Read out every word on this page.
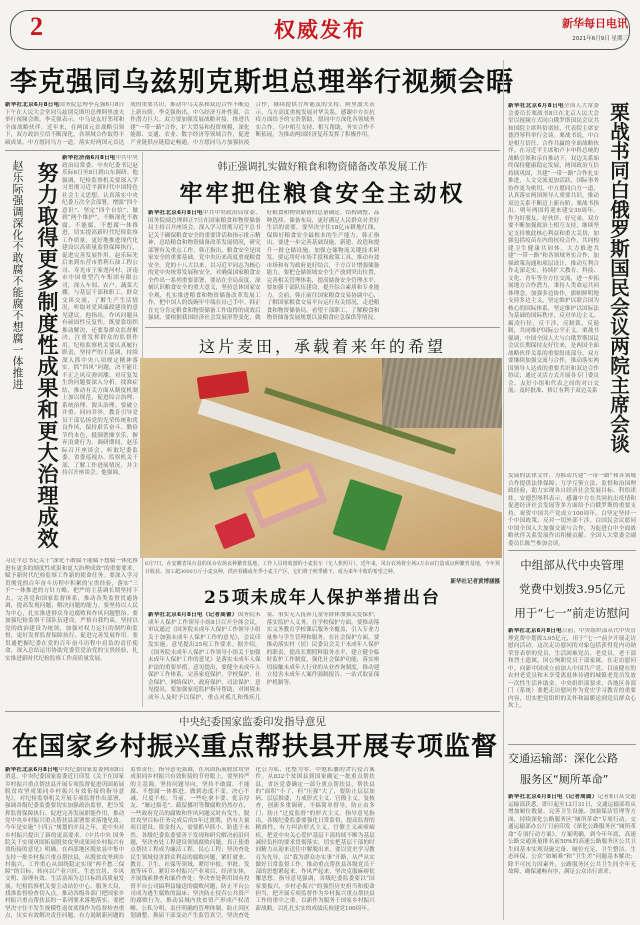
2	权威发布	新华每日电讯
2021年6月9日 星期三
李克强同乌兹别克斯坦总理举行视频会晤
新华社北京6月8日电国务院总理李克强6月8日下午在人民大会堂同乌兹别克斯坦总理阿里波夫举行视频会晤。李克强表示，中乌是友好邻邦和全面战略伙伴。近年来，在两国元首战略引领下，双方政治互信不断深化，各领域合作取得丰硕成果。中方愿同乌方一道，落实好两国元首达成的重要共识，推动中乌关系和双边合作不断迈上新台阶。李克强指出，中乌经济互补性强，合作潜力巨大。双方要加强发展战略对接，推进共建“一带一路”合作，扩大贸易和投资规模，深化能源、交通、农业、数字经济等领域合作，促进产业链供应链稳定畅通。中方愿同乌方加强抗疫合作，继续提供力所能及的支持。阿里波夫表示，乌方高度重视发展对华关系，感谢中方在抗疫方面给予的宝贵帮助，愿同中方深化各领域务实合作。乌中相互支持、相互帮助，务实合作不断拓展，为推动两国经济复苏发挥了积极作用。
赵乐际强调深化不敢腐不能腐不想腐一体推进 努力取得更多制度性成果和更大治理成效
新华社济南6月8日电中共中央政治局常委、中央纪委书记赵乐际6日至8日到山东调研。他强调，纪检监察机关要深入学习贯彻习近平新时代中国特色社会主义思想，认真落实中央纪委五次全会部署，增强“四个意识”、坚定“四个自信”、做到“两个维护”，不断深化不敢腐、不能腐、不想腐一体推进，切实提高新时代纪检监察工作质量，更好地推进现代化建设以高质量监督保障执行，促进完善发展作用。赵乐际先后来到东营市胜利石油工程公司、寿光市王家尧河村、济南市中国重型汽车集团有限公司，深入车间、农户、蔬菜大棚，与基层干部和职工、群众交谈交流，了解生产生活情况，听取对党风廉政建设的意见建议。他指出，作风问题具有顽固性反复性，既要靠组织推动解决，还要靠群众监督解决，注重发挥群众的监督作用。纪检监察机关要认真履行职责，坚持严的主基调，持续深入抓中央八项规定精神落实，抓“四风”问题，决不能让不正之风反弹回潮。对反复发生的问题要深入分析，找准症结，推动有关方面从制度机制上加以规范，促进综合治理、系统治理、源头治理。要破立并重、同向并举，教育引导党员干部弘扬党的光荣传统和优良作风，保持艰苦奋斗、勤俭节约本色，抵制奢靡享乐，摒弃浪费行为。调研期间，赵乐际召开座谈会，听取纪委监委、省委巡视办、监察机关干部，了解工作进展情况，并主持召开座谈会。他强调，
习近平总书记关于“深化不敢腐不能腐不想腐一体化推进有更多的制度性成果和更大治理成效”的重要要求，赋予新时代纪检监察工作新的使命任务。要深入学习贯彻党的百年奋斗历程中积累的宝贵经验，落实“三不”一体推进的方针方略，把严的主基调长期坚持下去，完善党和国家监督体系，推动各类监督贯通协调，提高发现问题、解决问题的能力。要坚持以人民为中心，扎实推进群众身边腐败和作风问题整治。要加强纪检监察干部队伍建设，严格自我约束，坚持以党的政治建设为统领，加强对权力运行的制约和监督，更好发挥监督保障执行、促进完善发展作用。要贯通把握纪委在党的百年奋斗历程中肩负的责任使命，深入总结运用协助党委管党治党的宝贵经验，扎实推进新时代纪检监察工作高质量发展。
韩正强调扎实做好粮食和物资储备改革发展工作
牢牢把住粮食安全主动权
新华社北京6月8日电中共中央政治局常委、国务院副总理韩正7日在国家粮食和物资储备局主持召开座谈会，深入学习贯彻习近平总书记关于确保粮食安全的重要讲话和指示批示精神，总结粮食和物资储备改革发展情况，研究部署有关重点工作。韩正指出，粮食安全是国家安全的重要基础。党中央历来高度重视粮食安全。党的十八大以来，以习近平同志为核心的党中央统筹发展和安全，对确保国家粮食安全作出一系列重要部署，要站在全局高度，深刻认识粮食安全的重大意义，坚持总体国家安全观，扎实推进粮食和物资储备改革发展工作，把中国人的饭碗牢牢端在自己手中。韩正在充分肯定粮食和物资储备工作取得的成效后强调，要根据我国经济社会发展形势变化，做好粮食和物资储备的总量确定、结构调整、品种选择、储备布局，更好满足人民群众对美好生活的需要。要坚决守住18亿亩耕地红线，保障好粮食安全最根本的生产能力。韩正指出，要进一步完善基础设施，新建、改造和提升一批仓储设施，加强仓储物流关键技术研发。要运用好市场手段和政策工具，推动有效市场和有为政府更好结合，千方百计增强储备能力。要把仓储领域安全生产放到突出位置，完善相关管理体系，提高储备安全管理水平，要加强干部队伍建设，提升综合素质和专业能力。会前，韩正前往国家粮食交易协调中心，了解国家粮食交易平台运行有关情况，走进粮食和物资储备局，看望干部职工，了解粮食和物资储备发展规划以及粮食应急保供等情况。
这片麦田，承载着来年的希望
6月7日，在安徽省凤台县的凤台农场良种繁育基地，工作人员将收割的小麦装车（无人机照片）。近年来，凤台农场将全场3万余亩打造成良种繁育基地，今年预计收获、加工超3000万斤小麦良种，供应春播或冬季小麦主产区，它们将于秋季播下，成为来年丰收的希望之种。
新华社记者黄博涵摄
25项未成年人保护举措出台
新华社北京6月8日电（记者高蕾）国务院未成年人保护工作领导小组8日召开全体会议，审议通过《国务院未成年人保护工作领导小组关于加强未成年人保护工作的意见》，会议印发实施。意见提出25项工作要求。据介绍，《国务院未成年人保护工作领导小组关于加强未成年人保护工作的意见》是落实未成年人保护法的重要举措。意见提出，要健全未成年人保护工作体系，完善家庭保护、学校保护、社会保护、网络保护、政府保护、司法保护。意见提出，要加强家庭监护指导帮助，对困境未成年人及时予以保护，重点对孤儿和残疾儿童、事实无人抚养儿童等群体加强关爱保护，落实监护人义务。在学校保护方面，要推动落实义务教育学校课后服务全覆盖，引入专业力量参与学生管理和服务。在社会保护方面，要推动落实村（居）民委员会关于未成年人保护的职责，提高长期照料服务水平，建立健全临时监护工作制度，强化社会保护功能，落实密切接触未成年人行业的从业查询制度，推动建立侵害未成年人案件强制报告、一站式取证保护机制等。
中央纪委国家监委印发指导意见
在国家乡村振兴重点帮扶县开展专项监督
新华社北京6月8日电中央纪委国家监委网站8日消息，中央纪委国家监委近日印发《关于在国家乡村振兴重点帮扶县开展专项监督促进巩固拓展脱贫攻坚成果同乡村振兴有效衔接的指导意见》，对纪检监察机关开展专项监督作出部署，强调各级纪委监委要切实加强政治监督，把分发挥监督保障执行、促进完善发展职能作用，推动党中央乡村振兴重点帮扶县部署要求落地见效。今年是实施“十四五”规划的开局之年，党中央对乡村振兴提出了新的更高要求。《中共中央 国务院关于实现巩固拓展脱贫攻坚成果同乡村振兴有效衔接的意见》明确，在西部地区脱贫县中集中支持一批乡村振兴重点帮扶县，从脱贫攻坚到乡村振兴，工作重心从围绕稳定实现“两不愁三保障”的目标，转向以产业兴旺、生态宜居、乡风文明、治理有效、生活富裕为总目标的高质量发展。纪检监察机关要主动站位中心、服务大局，找准监督检查切入点，推动各级各部门把国家乡村振兴重点帮扶县的一系列要求落地落实。要把坚决守住不发生规模性返贫底线作为监督检查重点，压实有效解决责任问题，有力遏制新问题的监督责任。指导意见强调，在巩固拓展脱贫攻坚成果同乡村振兴有效衔接的节骨眼上，要坚持严的主基调，坚持问题导向，坚持不敢腐、不能腐、不想腐一体推进，做到态度不变、决心不减、尺度不松。当前，一些吃拿卡要、优亲厚友、“雁过拔毛”、截留挪用等微腐败仍然存在，一些政府党员的腐败和作风问题又时有发生，脱贫攻坚目标任务完成后的5年过渡期，仍有大量项目建设、资金投入，需要抓早抓小、防患于未然。各级纪委监委要善于发现和研究解决前沿问题，坚决查处工程建设领域腐败问题，真正使重点帮扶工程成为廉洁工程、民心工程；坚决查处民生领域侵害群众利益的腐败问题，紧盯就业、教育、卫生、社保等领域，紧盯申报、审批、发放等环节，紧盯乡村振兴产业项目、经济实体，开展线索排查和案件查处；坚决查处利用国有投资平台公司搞利益输送的腐败问题，防止平台公司成为逃生腐败的温床；坚决防止侵吞公共资产的腐败行为，推动县域内扶贫资产形成产权清晰、公私分明、责任明确的管理体制，防止因区划调整、换届干部变动产生监管真空，坚决查处化公为私、化整为零、中饱私囊的贪污侵占案件。从832个贫困县到国家确定一批重点帮扶县，省区党委确定一部分重点帮扶县，帮扶县的“面积”小了，但“压强”大了，要防止层层加码、层层推诿，力戒形式主义、官僚主义。复核查，创新多重调研，不搞简单督导，防止由多门、防止“过度监督”的形式主义。指导意见指出，各级纪委监委要强化日常监督，提高监督的精准性，有力纠治形式主义、官僚主义顽瘴痼疾，把党中央关心爱护基层干部持续不断为基层减轻负担的要求贯彻落实，切实把基层干部的时间精力从迎来送往中解脱出来。要以党史学习教育为先导，以“我为群众办实事”开路，从严从实做好日常监督工作，推动重点帮扶县各级党员干部的思想紧起来，作风严起来，坚决克服麻痹松懈思想。指导意见强调，各级纪委监委要以“国家要振兴，乡村必振兴”的强烈历史担当和使命担当，把开展专项监督作为乡村振兴重点帮扶县工作的重中之重，以新作为服务于国家乡村振兴新战略，以扎扎实实的成绩庆祝建党100周年。
栗战书同白俄罗斯国民会议两院主席会谈
新华社北京6月8日电全国人大常委会委员长栗战书8日在北京人民大会堂以视频方式同白俄罗斯国民会议共和国院主席科恰诺娃、代表院主席安德烈琴科举行会谈。栗战书说，中白是相互信任、合作共赢的全面战略伙伴。在习近平主席和卢卡申科总统的战略引领和亲自推动下，双边关系始终保持健康稳定发展，两国政治互信持续巩固，共建“一带一路”合作扎实推进，人文交流更加活跃，国际事务协作更为密切。中方愿同白方一道，认真落实两国领导人重要共识，推动双边关系不断迈上新台阶。栗战书指出，明年两国将迎来建交30周年。作为好朋友、好伙伴、好兄弟，双方要不断加强政治上相互支持，继续坚定支持彼此核心利益和重大关切，加强包括疫苗在内的抗疫合作，共同构建卫生健康共同体。大力推进共建“一带一路”和各领域务实合作，加强政策沟通和项层设计，推动互利合作走深走实，持续扩大教育、科技、文化、青年等全方位交流，进一步拓展地方合作潜力，秉持人类命运共同体理念，加强多边协作，旗帜鲜明地支持多边主义，坚定维护以联合国为核心的国际体系，坚定维护以国际法为基础的国际秩序，反对单边主义、霸凌行径，反干涉，反制裁，反遏制，共同维护国际公平正义。栗战书强调，中国全国人大与白俄罗斯国民会议长期保持友好往来，是两国全面战略伙伴关系的重要组成部分。双方要继续加强交流与合作，推动落实两国领导人达成的重要共识和双边合作协议；通过灵活方式开展各专门委员会、友好小组和代表之间的对口交流；及时批准、修订有利于双边关系
发展的法律文件，为推动共建“一带一路”和各领域合作提供法律保障；互学互鉴立法、监督和治国理政经验，助力实现各自经济社会发展目标。科恰诺娃、安德烈琴科表示，感谢中方在共同抗击疫情和促进经济社会发展等多方面给予白俄罗斯的重要支持，祝贺中国共产党成立100周年。白坚定坚持一个中国政策，反对一切外部干涉。白国民会议愿同中国全国人大加强交流与合作，为促进白中全面战略伙伴关系发展作出积极贡献。全国人大常委会副委员长陈竺参加会谈。
中组部从代中央管理
党费中划拨3.95亿元
用于“七一”前走访慰问
新华社北京6月8日电日前，中央组织部从代中央管理党费中划拨3.95亿元，用于“七一”前夕开展走访慰问活动。这次走访慰问的对象包括获得党内功勋荣誉表彰的党员、生活困难党员、老党员、老干部和烈士遗属，因公殉职党员干部家属。在走访慰问中，向新中国成立前加入中国共产党、目前健在的农村老党员和未享受离退休待遇的城镇老党员发放一次性生活补助金。中央组织部要求，各地区各部门（系统）要把走访慰问作为党史学习教育的重要内容，切实把党组织的关怀和温暖送到党员群众心坎上。
交通运输部：深化公路
服务区“厕所革命”
新华社北京6月8日电（记者周圆）记者8日从交通运输部获悉，即日起至12月31日，交通运输部将从增加厕位数量、完善卫生设施、加强保洁管理等方面，持续深化公路服务区“厕所革命”专项行动。交通运输部办公厅日前印发《深化公路服务区“厕所革命”专项行动方案》。方案明确，到今年年底，高速公路交通流量排名前50%的高速公路服务区公共卫生间基本实现设施完备、厕位充足、卫生整洁、生态环保，公众“如厕难”和“卫生差”问题基本解决；除不可抗力因素外，公路服务区公共卫生间全年无故障，确保通畅有序，满足公众出行需求。
